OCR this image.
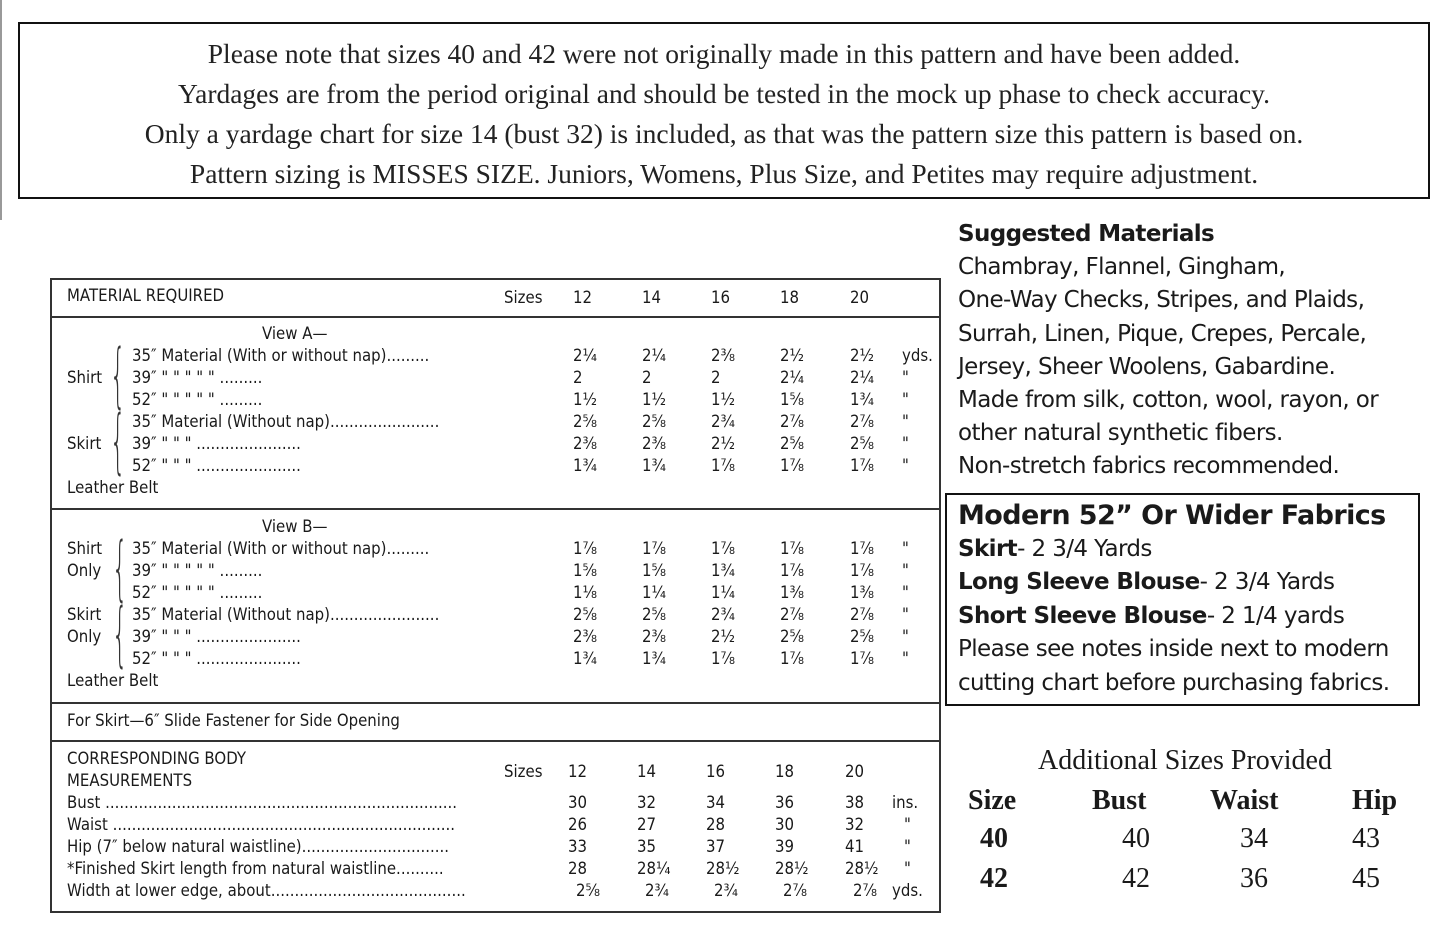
Please note that sizes 40 and 42 were not originally made in this pattern and have been added.
Yardages are from the period original and should be tested in the mock up phase to check accuracy.
Only a yardage chart for size 14 (bust 32) is included, as that was the pattern size this pattern is based on.
Pattern sizing is MISSES SIZE. Juniors, Womens, Plus Size, and Petites may require adjustment.
MATERIAL REQUIRED	Sizes 12	14	16	18	20
View A—
Shirt { 35″ Material (With or without nap).........	2¼	2¼	2⅜	2½	2½ yds.
39″ " " " " " .........	2	2	2	2¼	2¼ "
52″ " " " " " .........	1½	1½	1½	1⅝	1¾ "
Skirt { 35″ Material (Without nap).......................	2⅝	2⅝	2¾	2⅞	2⅞ "
39″ " " " ......................	2⅜	2⅜	2½	2⅝	2⅝ "
52″ " " " ......................	1¾	1¾	1⅞	1⅞	1⅞ "
Leather Belt
View B—
Shirt
Only { 35″ Material (With or without nap).........	1⅞	1⅞	1⅞	1⅞	1⅞ "
39″ " " " " " .........	1⅝	1⅝	1¾	1⅞	1⅞ "
52″ " " " " " .........	1⅛	1¼	1¼	1⅜	1⅜ "
Skirt
Only { 35″ Material (Without nap).......................	2⅝	2⅝	2¾	2⅞	2⅞ "
39″ " " " ......................	2⅜	2⅜	2½	2⅝	2⅝ "
52″ " " " ......................	1¾	1¾	1⅞	1⅞	1⅞ "
Leather Belt
For Skirt—6″ Slide Fastener for Side Opening
CORRESPONDING BODY
MEASUREMENTS	Sizes 12	14	16	18	20
Bust ..........................................................................	30	32	34	36	38 ins.
Waist ........................................................................	26	27	28	30	32 "
Hip (7″ below natural waistline)...............................	33	35	37	39	41 "
*Finished Skirt length from natural waistline..........	28	28¼ 28½ 28½ 28½ "
Width at lower edge, about.........................................	2⅝	2¾	2¾	2⅞	2⅞ yds.
Suggested Materials
Chambray, Flannel, Gingham,
One-Way Checks, Stripes, and Plaids,
Surrah, Linen, Pique, Crepes, Percale,
Jersey, Sheer Woolens, Gabardine.
Made from silk, cotton, wool, rayon, or
other natural synthetic fibers.
Non-stretch fabrics recommended.
Modern 52” Or Wider Fabrics
Skirt- 2 3/4 Yards
Long Sleeve Blouse- 2 3/4 Yards
Short Sleeve Blouse- 2 1/4 yards
Please see notes inside next to modern
cutting chart before purchasing fabrics.
Additional Sizes Provided
Size	Bust Waist	Hip
40	40	34	43
42	42	36	45
